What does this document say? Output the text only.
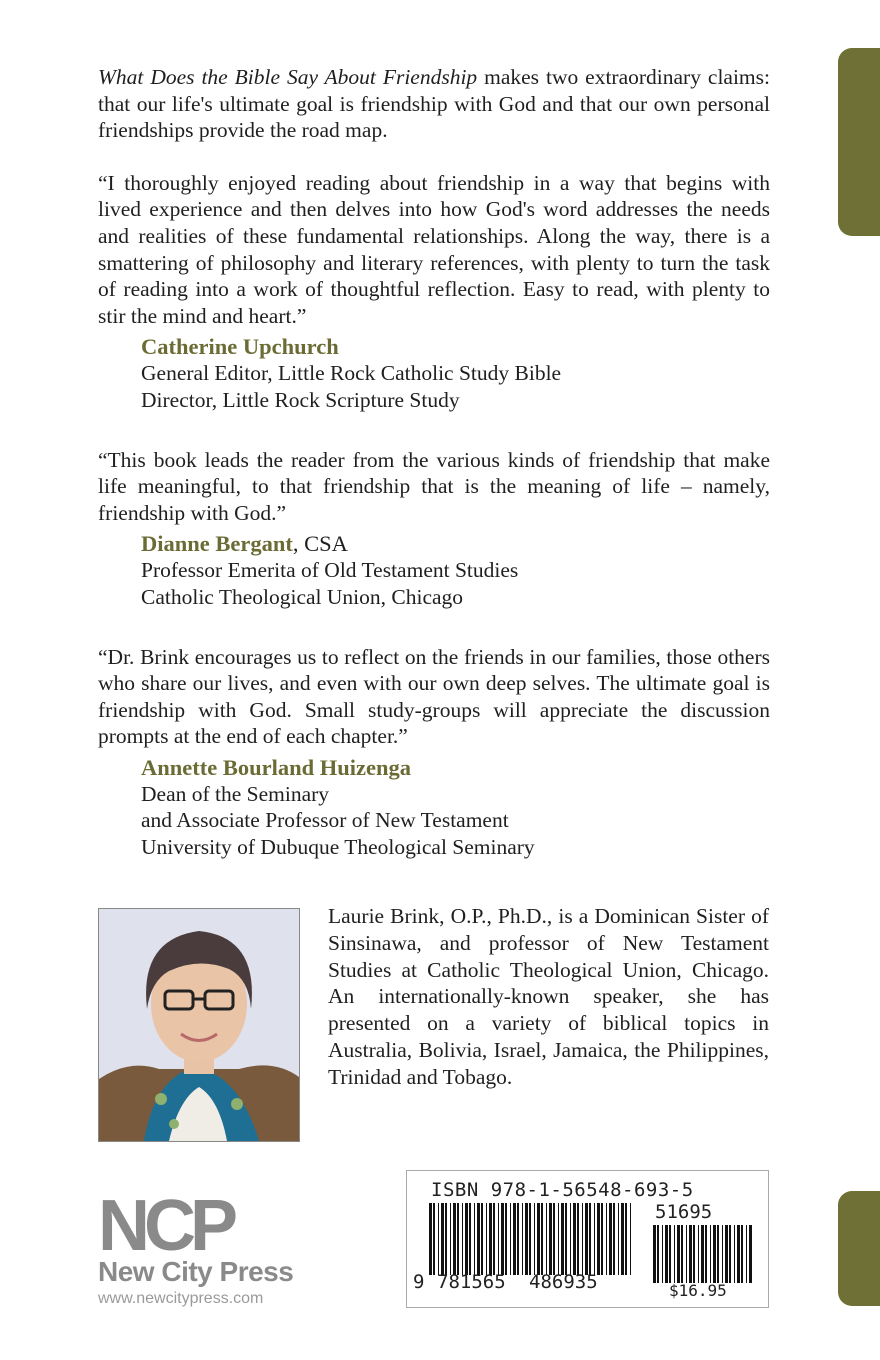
What Does the Bible Say About Friendship makes two extraordinary claims: that our life's ultimate goal is friendship with God and that our own personal friendships provide the road map.

“I thoroughly enjoyed reading about friendship in a way that begins with lived experience and then delves into how God's word addresses the needs and realities of these fundamental relationships. Along the way, there is a smattering of philosophy and literary references, with plenty to turn the task of reading into a work of thoughtful reflection. Easy to read, with plenty to stir the mind and heart.”

Catherine Upchurch
General Editor, Little Rock Catholic Study Bible
Director, Little Rock Scripture Study

“This book leads the reader from the various kinds of friendship that make life meaningful, to that friendship that is the meaning of life – namely, friendship with God.”

Dianne Bergant, CSA
Professor Emerita of Old Testament Studies
Catholic Theological Union, Chicago

“Dr. Brink encourages us to reflect on the friends in our families, those others who share our lives, and even with our own deep selves. The ultimate goal is friendship with God. Small study-groups will appreciate the discussion prompts at the end of each chapter.”

Annette Bourland Huizenga
Dean of the Seminary
and Associate Professor of New Testament
University of Dubuque Theological Seminary

Laurie Brink, O.P., Ph.D., is a Dominican Sister of Sinsinawa, and professor of New Testament Studies at Catholic Theological Union, Chicago. An internationally-known speaker, she has presented on a variety of biblical topics in Australia, Bolivia, Israel, Jamaica, the Philippines, Trinidad and Tobago.

NCP
New City Press
www.newcitypress.com
ISBN 978-1-56548-693-5
51695
9 781565 486935	$16.95
